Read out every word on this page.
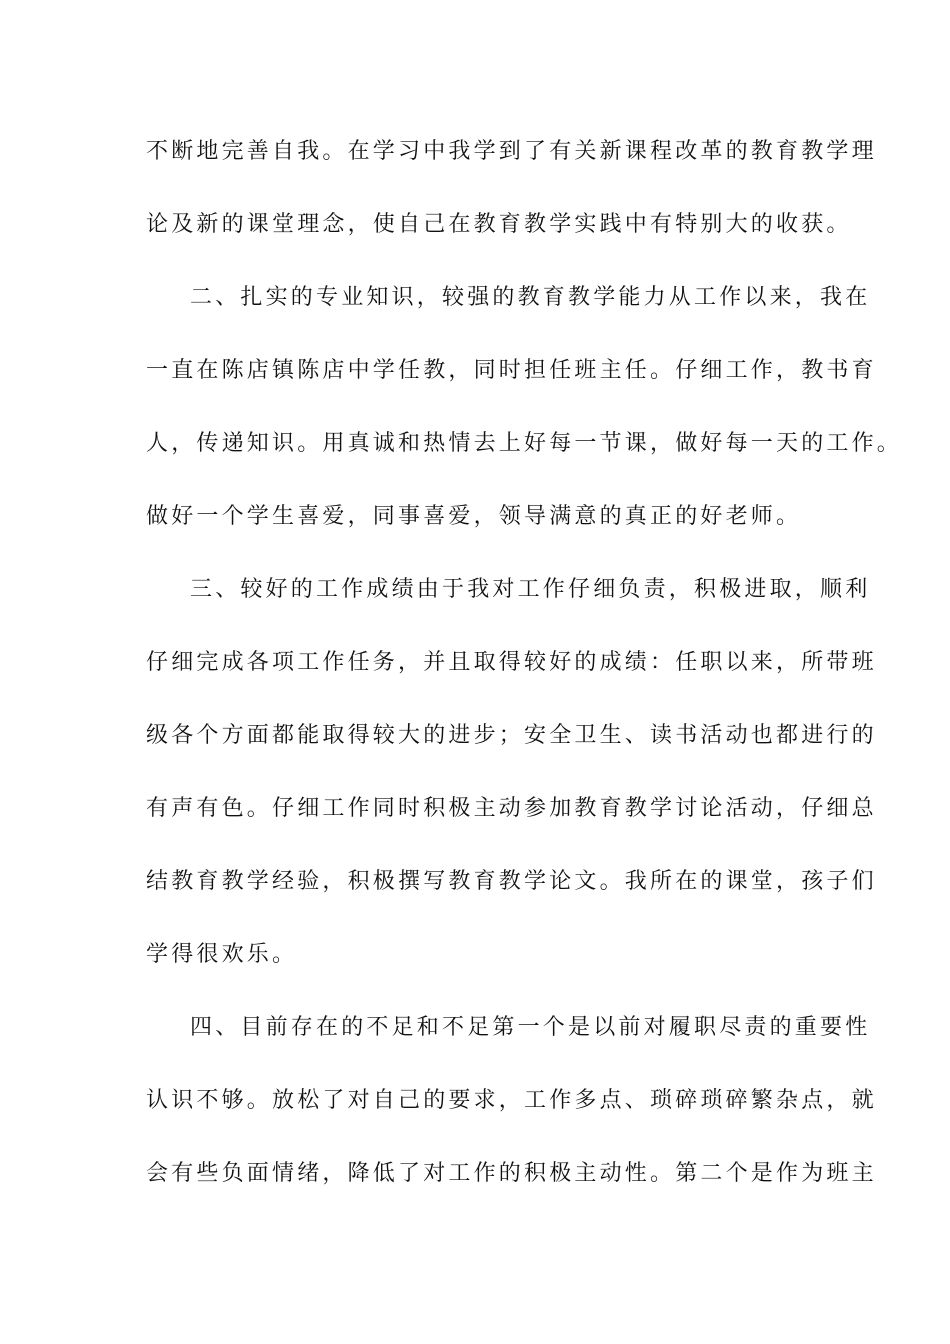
不断地完善自我。在学习中我学到了有关新课程改革的教育教学理
论及新的课堂理念，使自己在教育教学实践中有特别大的收获。
二、扎实的专业知识，较强的教育教学能力从工作以来，我在
一直在陈店镇陈店中学任教，同时担任班主任。仔细工作，教书育
人，传递知识。用真诚和热情去上好每一节课，做好每一天的工作。
做好一个学生喜爱，同事喜爱，领导满意的真正的好老师。
三、较好的工作成绩由于我对工作仔细负责，积极进取，顺利
仔细完成各项工作任务，并且取得较好的成绩：任职以来，所带班
级各个方面都能取得较大的进步；安全卫生、读书活动也都进行的
有声有色。仔细工作同时积极主动参加教育教学讨论活动，仔细总
结教育教学经验，积极撰写教育教学论文。我所在的课堂，孩子们
学得很欢乐。
四、目前存在的不足和不足第一个是以前对履职尽责的重要性
认识不够。放松了对自己的要求，工作多点、琐碎琐碎繁杂点，就
会有些负面情绪，降低了对工作的积极主动性。第二个是作为班主
